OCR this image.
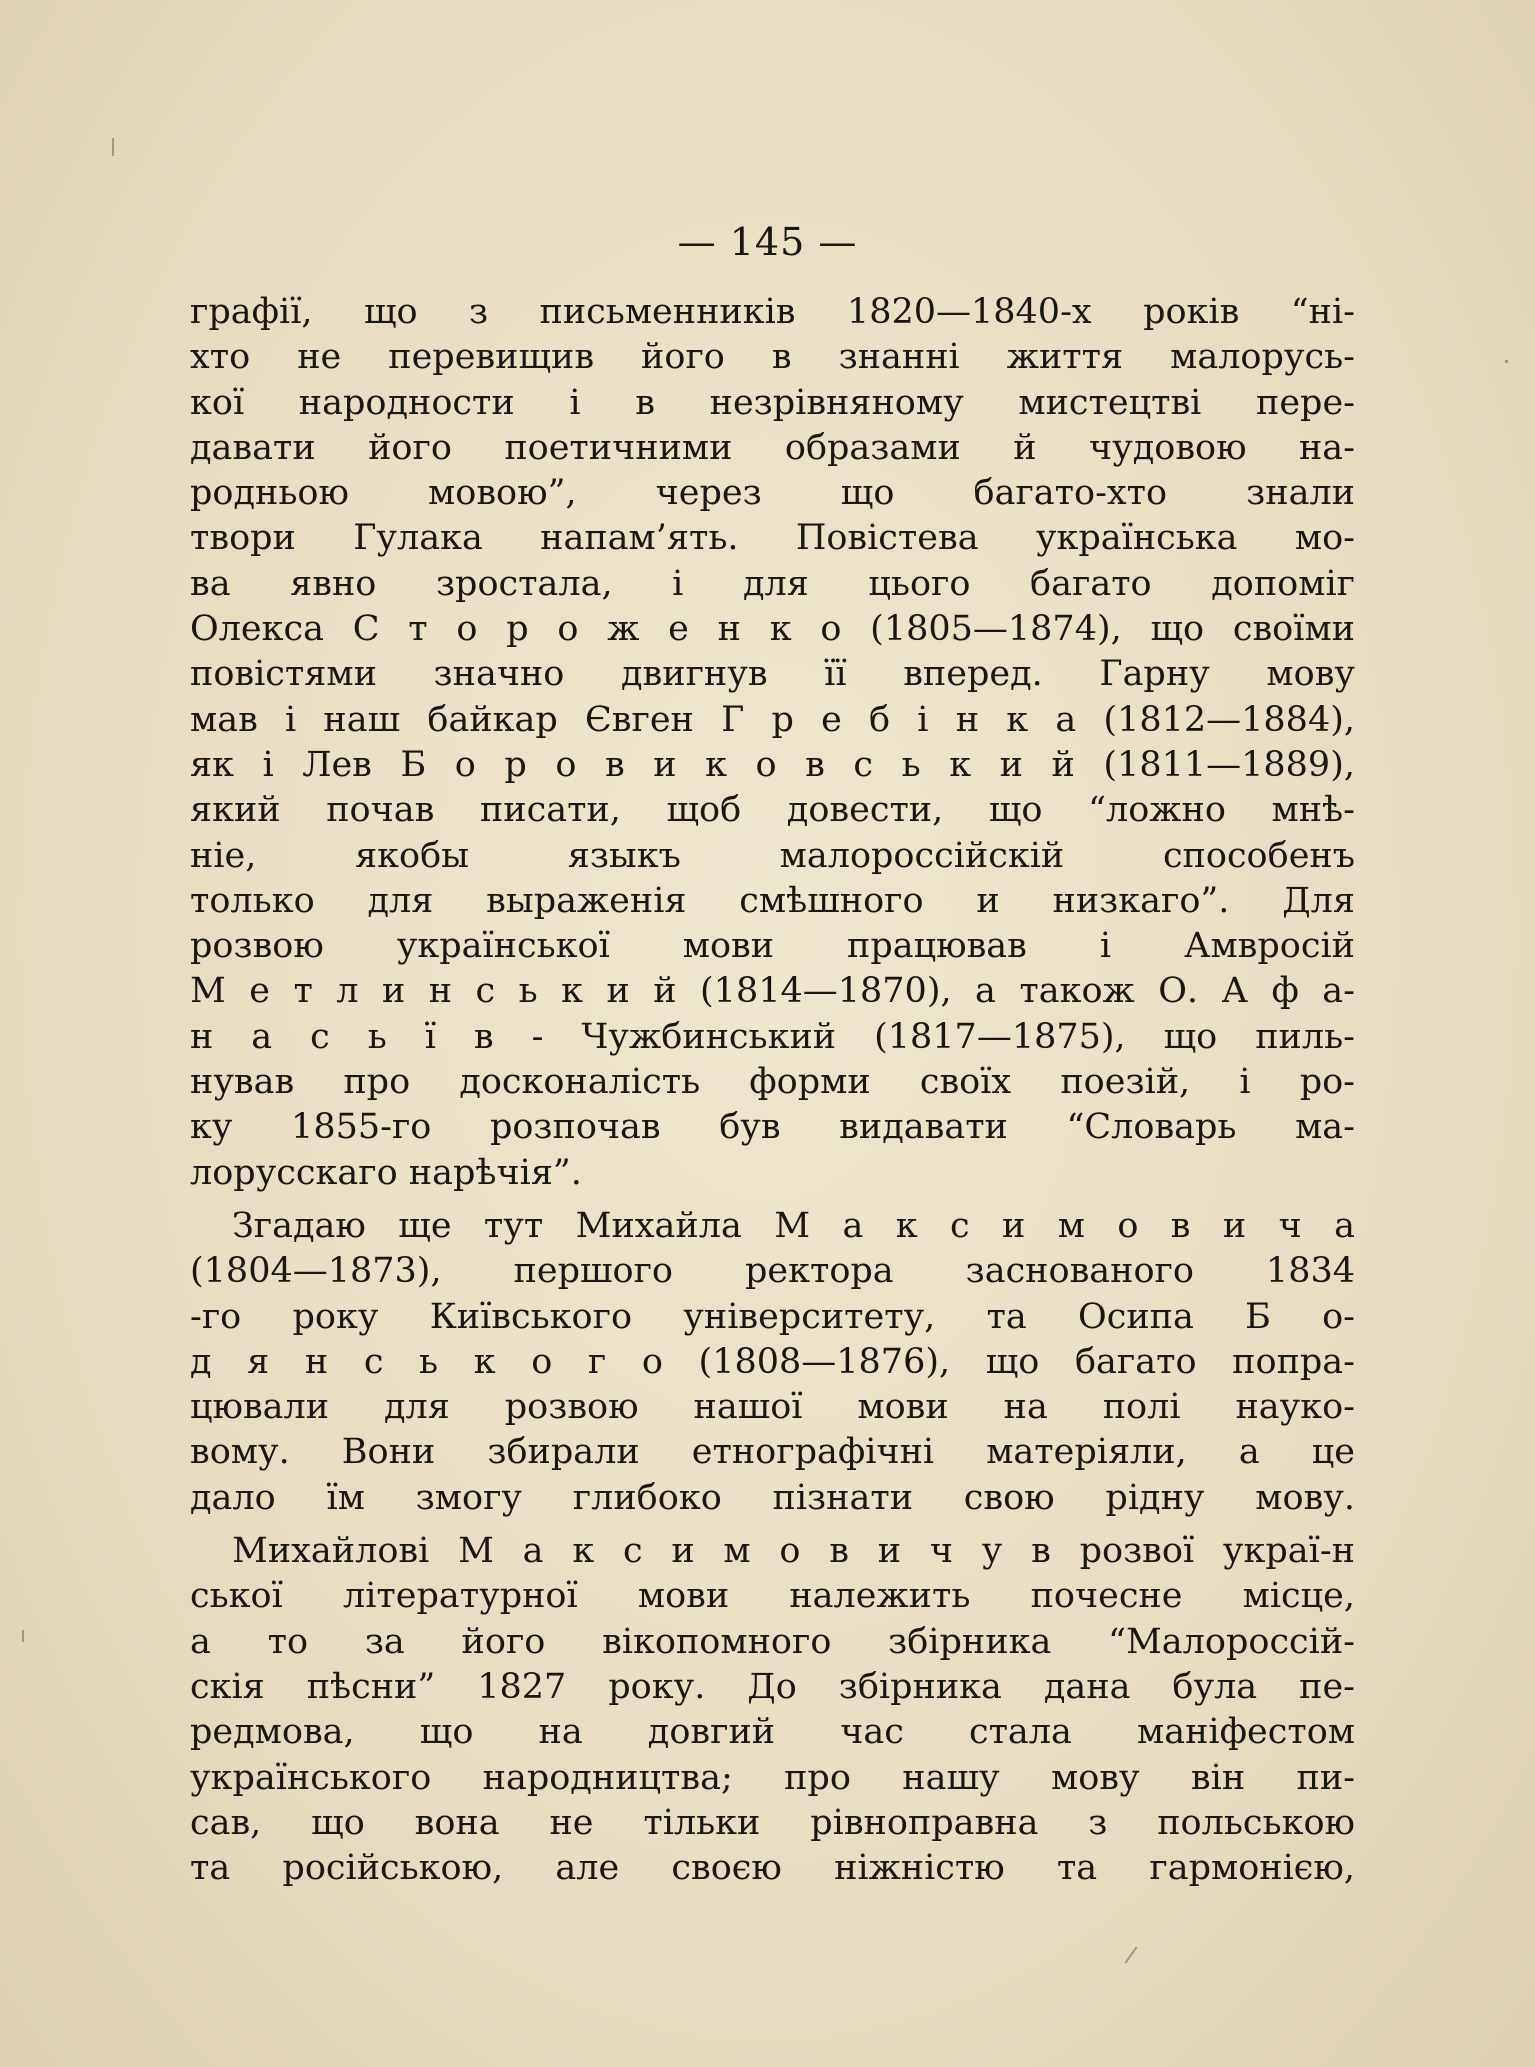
— 145 —
графії, що з письменників 1820—1840-х років “ні-
хто не перевищив його в знанні життя малорусь-
кої народности і в незрівняному мистецтві пере-
давати його поетичними образами й чудовою на-
родньою мовою”, через що багато-хто знали
твори Гулака напам’ять. Повістева українська мо-
ва явно зростала, і для цього багато допоміг
Олекса С т о р о ж е н к о (1805—1874), що своїми
повістями значно двигнув її вперед. Гарну мову
мав і наш байкар Євген Г р е б і н к а (1812—1884),
як і Лев Б о р о в и к о в с ь к и й (1811—1889),
який почав писати, щоб довести, що “ложно мнѣ-
ніе, якобы языкъ малороссійскій способенъ
только для выраженія смѣшного и низкаго”. Для
розвою української мови працював і Амвросій
М е т л и н с ь к и й (1814—1870), а також О. А ф а-
н а с ь ї в - Чужбинський (1817—1875), що пиль-
нував про досконалість форми своїх поезій, і ро-
ку 1855-го розпочав був видавати “Словарь ма-
лорусскаго нарѣчія”.
Згадаю ще тут Михайла М а к с и м о в и ч а
(1804—1873), першого ректора заснованого 1834
-го року Київського університету, та Осипа Б о-
д я н с ь к о г о (1808—1876), що багато попра-
цювали для розвою нашої мови на полі науко-
вому. Вони збирали етнографічні матеріяли, а це
дало їм змогу глибоко пізнати свою рідну мову.
Михайлові М а к с и м о в и ч у в розвої украї-н
ської літературної мови належить почесне місце,
а то за його вікопомного збірника “Малороссій-
скія пѣсни” 1827 року. До збірника дана була пе-
редмова, що на довгий час стала маніфестом
українського народництва; про нашу мову він пи-
сав, що вона не тільки рівноправна з польською
та російською, але своєю ніжністю та гармонією,
